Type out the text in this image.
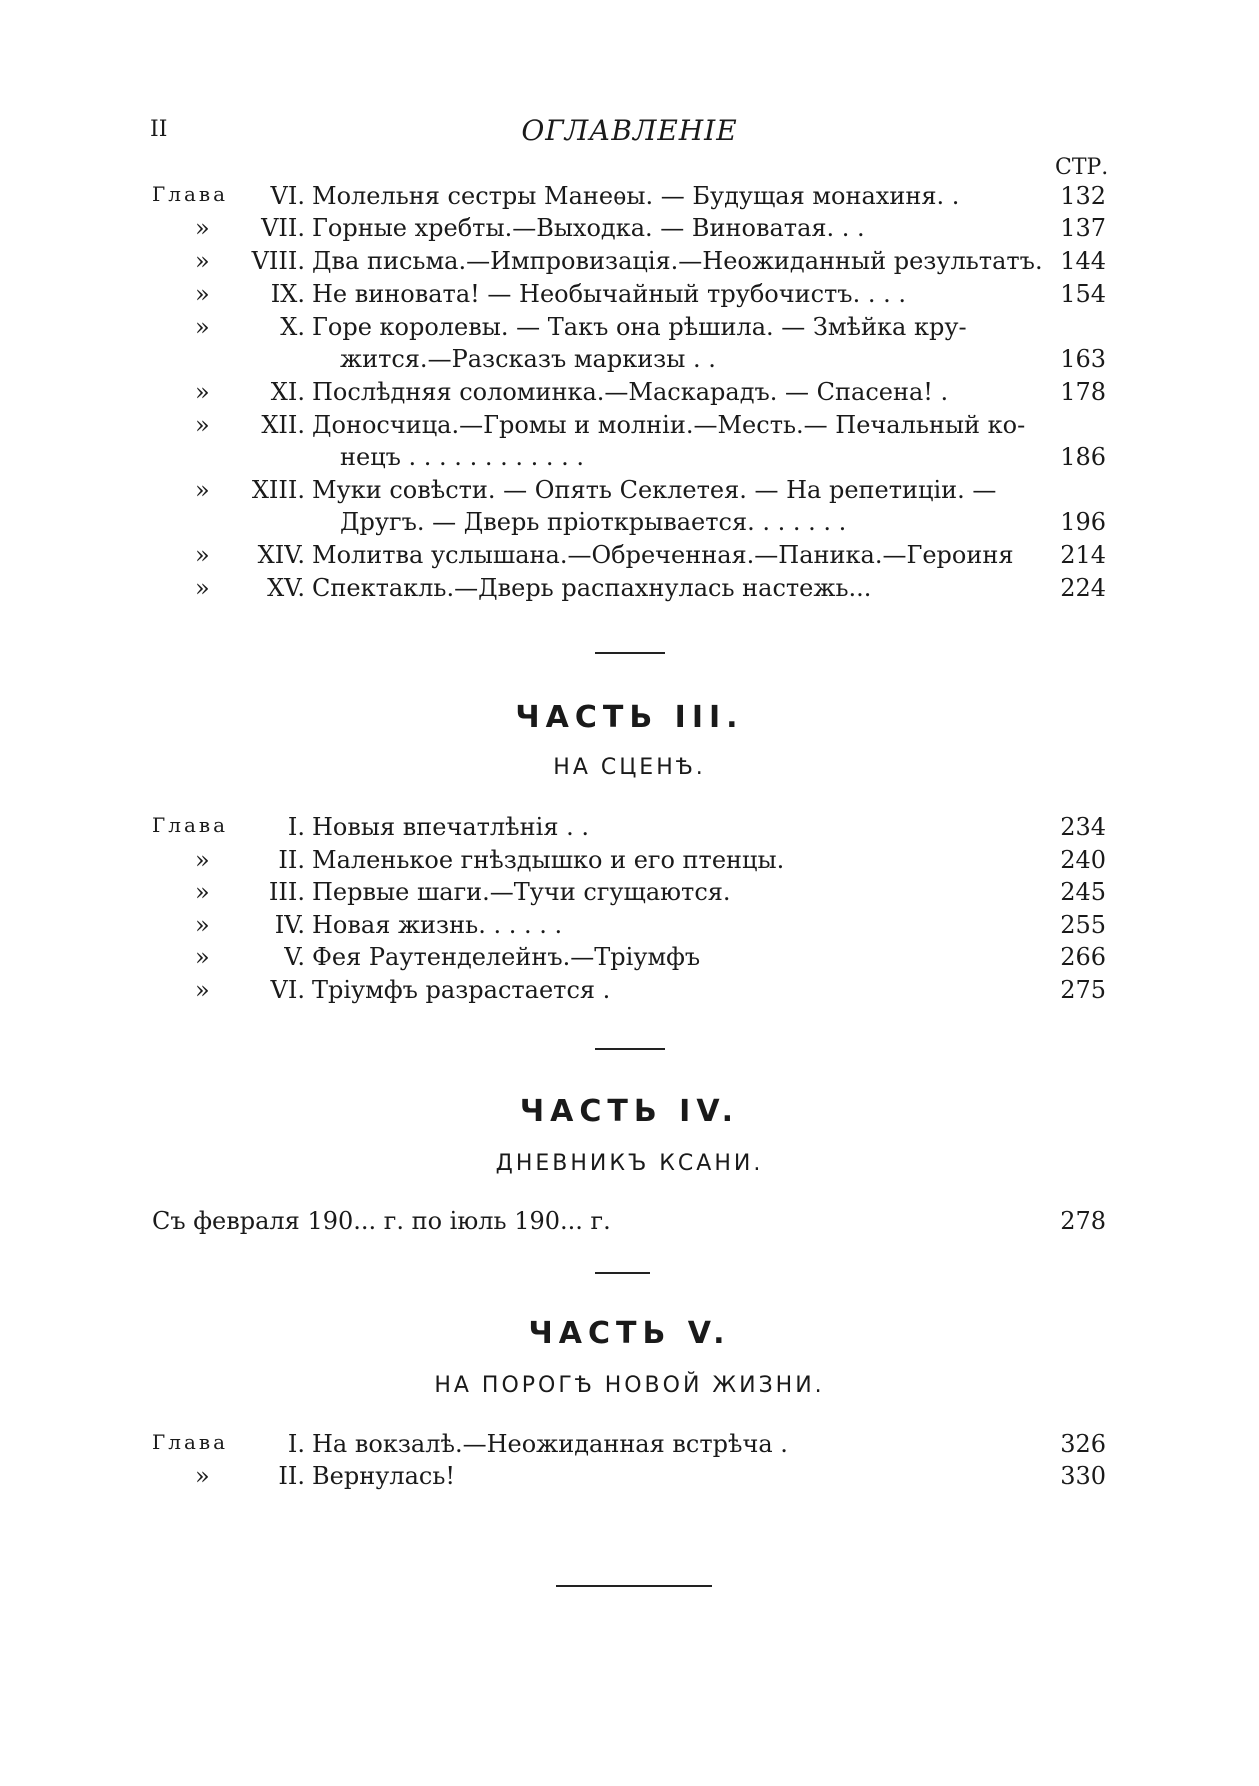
II	ОГЛАВЛЕНІЕ
СТР.
Глава	VI. Молельня сестры Манеѳы. — Будущая монахиня. .	132
»	VII. Горные хребты.—Выходка. — Виноватая. . .	137
»	VIII. Два письма.—Импровизація.—Неожиданный результатъ. 144
»	IX. Не виновата! — Необычайный трубочистъ. . . .	154
»	X. Горе королевы. — Такъ она рѣшила. — Змѣйка кру-
жится.—Разсказъ маркизы . .	163
»	XI. Послѣдняя соломинка.—Маскарадъ. — Спасена! .	178
»	XII. Доносчица.—Громы и молніи.—Месть.— Печальный ко-
нецъ . . . . . . . . . . . .	186
»	XIII. Муки совѣсти. — Опять Секлетея. — На репетиціи. —
Другъ. — Дверь пріоткрывается. . . . . . .	196
»	XIV. Молитва услышана.—Обреченная.—Паника.—Героиня	214
»	XV. Спектакль.—Дверь распахнулась настежь...	224
ЧАСТЬ III.
НА СЦЕНѢ.
Глава	I. Новыя впечатлѣнія . .	234
»	II. Маленькое гнѣздышко и его птенцы.	240
»	III. Первые шаги.—Тучи сгущаются.	245
»	IV. Новая жизнь. . . . . .	255
»	V. Фея Раутенделейнъ.—Тріумфъ	266
»	VI. Тріумфъ разрастается .	275
ЧАСТЬ IV.
ДНЕВНИКЪ КСАНИ.
Съ февраля 190... г. по іюль 190... г.	278
ЧАСТЬ V.
НА ПОРОГѢ НОВОЙ ЖИЗНИ.
Глава	I. На вокзалѣ.—Неожиданная встрѣча .	326
»	II. Вернулась!	330
